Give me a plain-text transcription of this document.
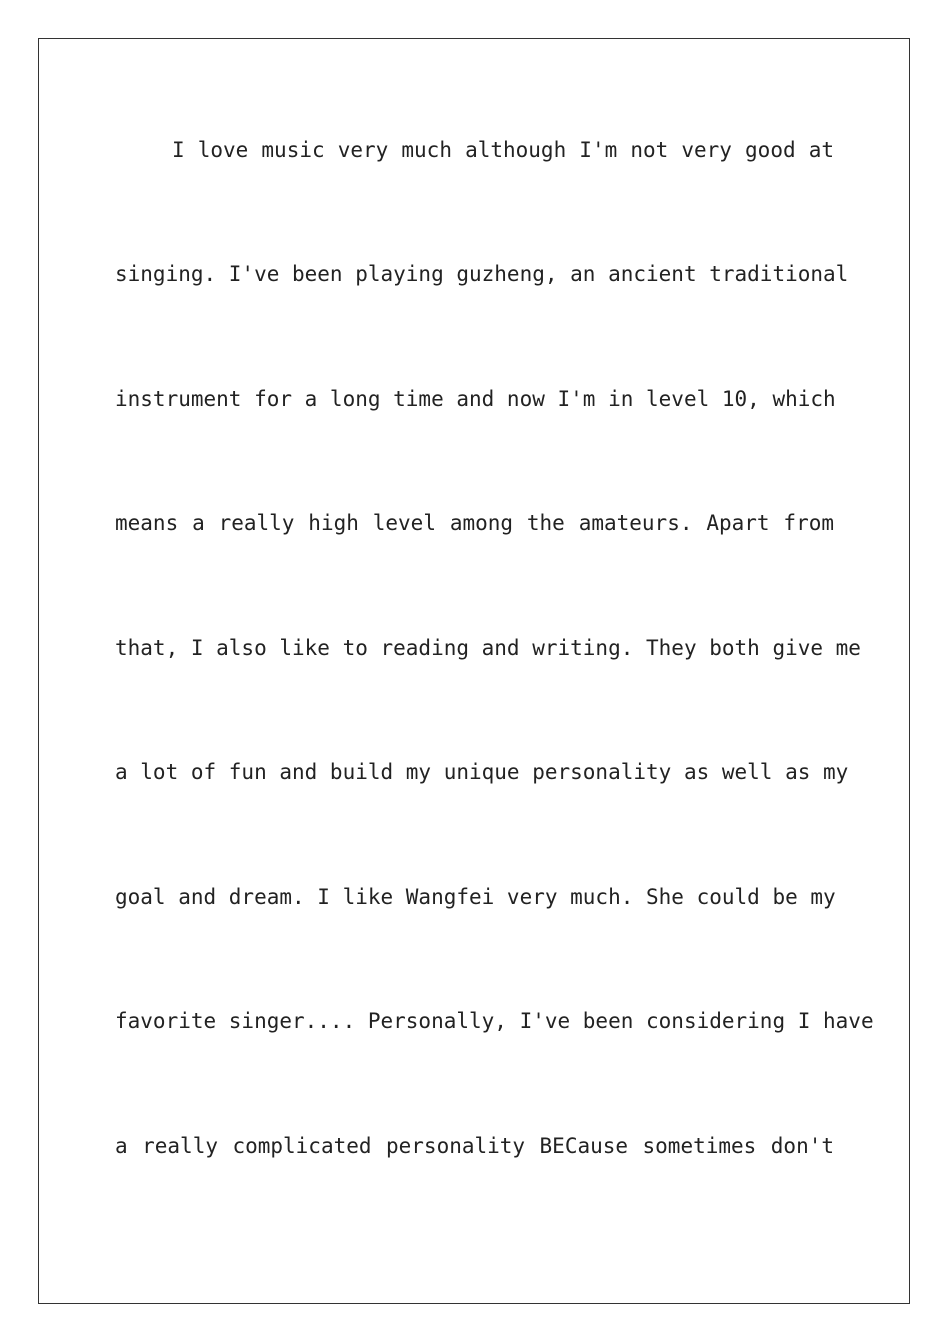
I love music very much although I'm not very good at
singing. I've been playing guzheng, an ancient traditional
instrument for a long time and now I'm in level 10, which
means a really high level among the amateurs. Apart from
that, I also like to reading and writing. They both give me
a lot of fun and build my unique personality as well as my
goal and dream. I like Wangfei very much. She could be my
favorite singer.... Personally, I've been considering I have
a really complicated personality BECause sometimes don't
